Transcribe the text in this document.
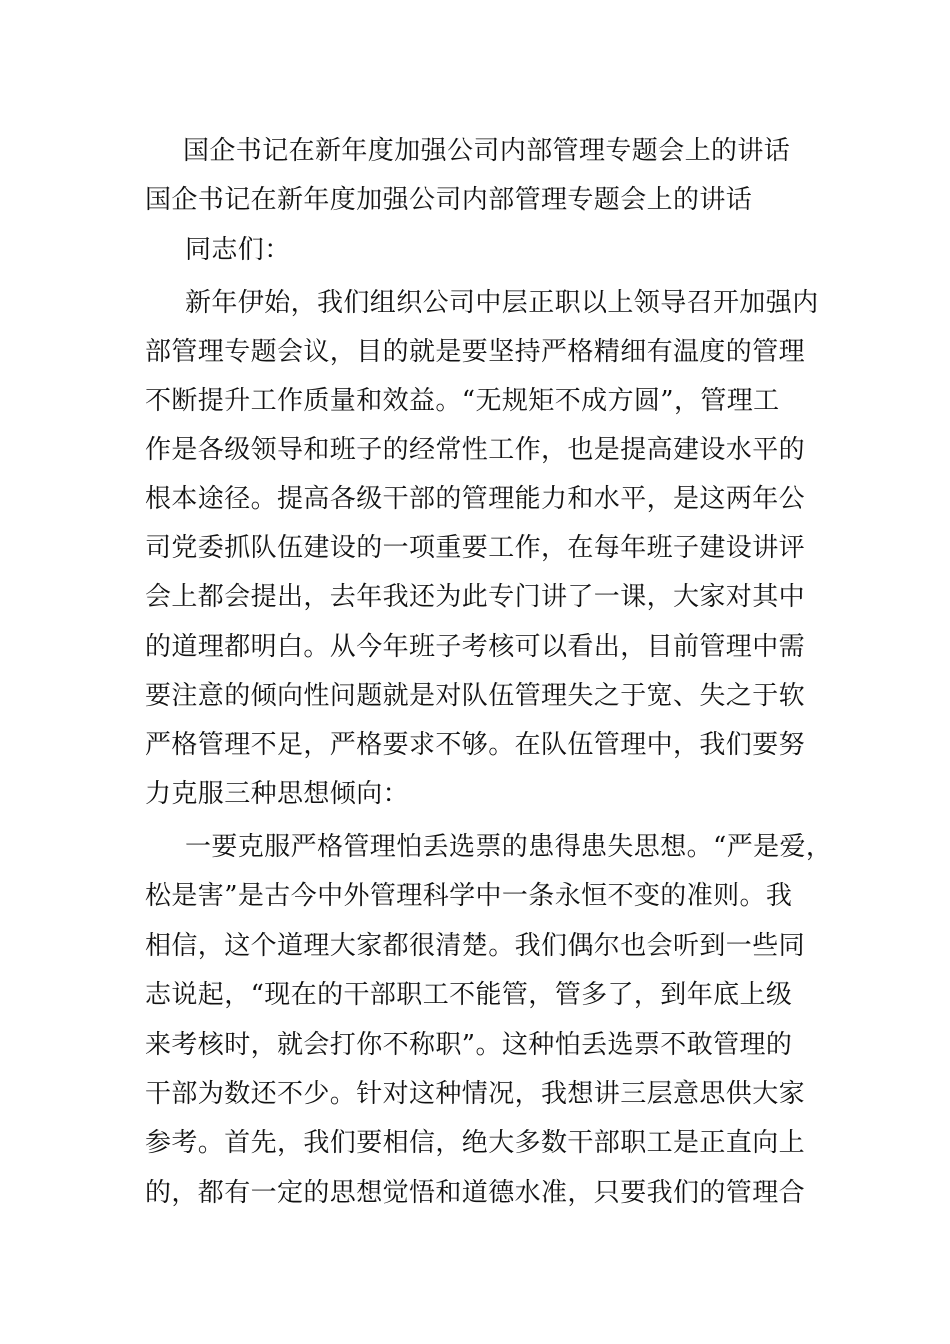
国企书记在新年度加强公司内部管理专题会上的讲话
国企书记在新年度加强公司内部管理专题会上的讲话
同志们：
新年伊始，我们组织公司中层正职以上领导召开加强内
部管理专题会议，目的就是要坚持严格精细有温度的管理
不断提升工作质量和效益。“无规矩不成方圆”，管理工
作是各级领导和班子的经常性工作，也是提高建设水平的
根本途径。提高各级干部的管理能力和水平，是这两年公
司党委抓队伍建设的一项重要工作，在每年班子建设讲评
会上都会提出，去年我还为此专门讲了一课，大家对其中
的道理都明白。从今年班子考核可以看出，目前管理中需
要注意的倾向性问题就是对队伍管理失之于宽、失之于软
严格管理不足，严格要求不够。在队伍管理中，我们要努
力克服三种思想倾向：
一要克服严格管理怕丢选票的患得患失思想。“严是爱，
松是害”是古今中外管理科学中一条永恒不变的准则。我
相信，这个道理大家都很清楚。我们偶尔也会听到一些同
志说起，“现在的干部职工不能管，管多了，到年底上级
来考核时，就会打你不称职”。这种怕丢选票不敢管理的
干部为数还不少。针对这种情况，我想讲三层意思供大家
参考。首先，我们要相信，绝大多数干部职工是正直向上
的，都有一定的思想觉悟和道德水准，只要我们的管理合
